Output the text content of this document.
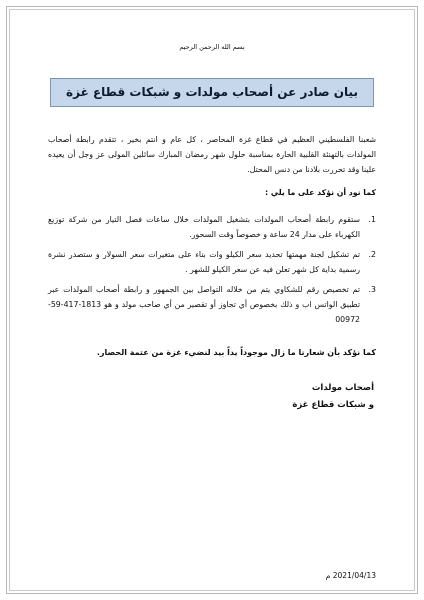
بسم الله الرحمن الرحيم
بيان صادر عن أصحاب مولدات و شبكات قطاع غزة
شعبنا الفلسطيني العظيم في قطاع غزة المحاصر ، كل عام و انتم بخير ، تتقدم رابطة أصحاب المولدات بالتهنئة القلبية الحارة بمناسبة حلول شهر رمضان المبارك سائلين المولى عز وجل أن يعيده علينا وقد تحررت بلادنا من دنس المحتل.
كما نود أن نؤكد على ما يلي :
1.
ستقوم رابطة أصحاب المولدات بتشغيل المولدات خلال ساعات فصل التيار من شركة توزيع الكهرباء على مدار 24 ساعة و خصوصاً وقت السحور.
2.
تم تشكيل لجنة مهمتها تحديد سعر الكيلو وات بناء على متغيرات سعر السولار و ستصدر نشرة رسمية بداية كل شهر تعلن فيه عن سعر الكيلو للشهر .
3.
تم تخصيص رقم للشكاوي يتم من خلاله التواصل بين الجمهور و رابطة أصحاب المولدات عبر تطبيق الواتس اب و ذلك بخصوص أي تجاوز أو تقصير من أي صاحب مولد و هو 1813-417-59-00972
كما نؤكد بأن شعارنا ما زال موجوداً يداً بيد لنضيء غزة من عتمة الحصار.
أصحاب مولدات
و شبكات قطاع غزة
2021/04/13 م
